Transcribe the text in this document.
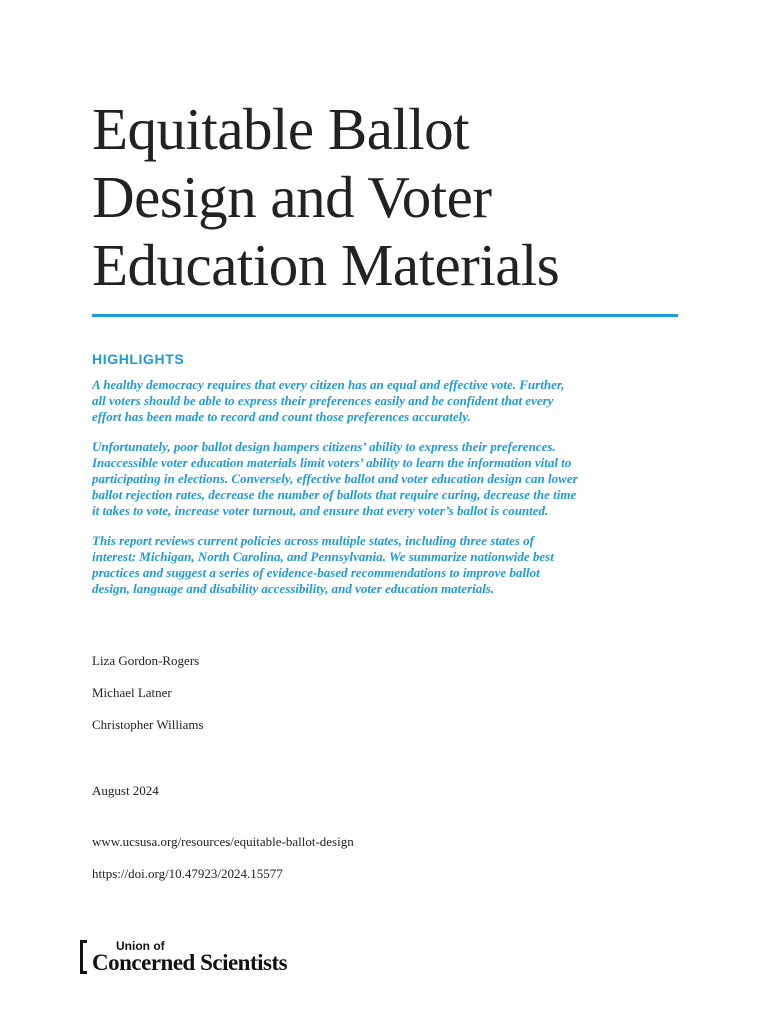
Equitable Ballot
Design and Voter
Education Materials
HIGHLIGHTS

A healthy democracy requires that every citizen has an equal and effective vote. Further,
all voters should be able to express their preferences easily and be confident that every
effort has been made to record and count those preferences accurately.

Unfortunately, poor ballot design hampers citizens’ ability to express their preferences.
Inaccessible voter education materials limit voters’ ability to learn the information vital to
participating in elections. Conversely, effective ballot and voter education design can lower
ballot rejection rates, decrease the number of ballots that require curing, decrease the time
it takes to vote, increase voter turnout, and ensure that every voter’s ballot is counted.

This report reviews current policies across multiple states, including three states of
interest: Michigan, North Carolina, and Pennsylvania. We summarize nationwide best
practices and suggest a series of evidence-based recommendations to improve ballot
design, language and disability accessibility, and voter education materials.

Liza Gordon-Rogers
Michael Latner
Christopher Williams
August 2024
www.ucsusa.org/resources/equitable-ballot-design
https://doi.org/10.47923/2024.15577
Union of
Concerned Scientists
